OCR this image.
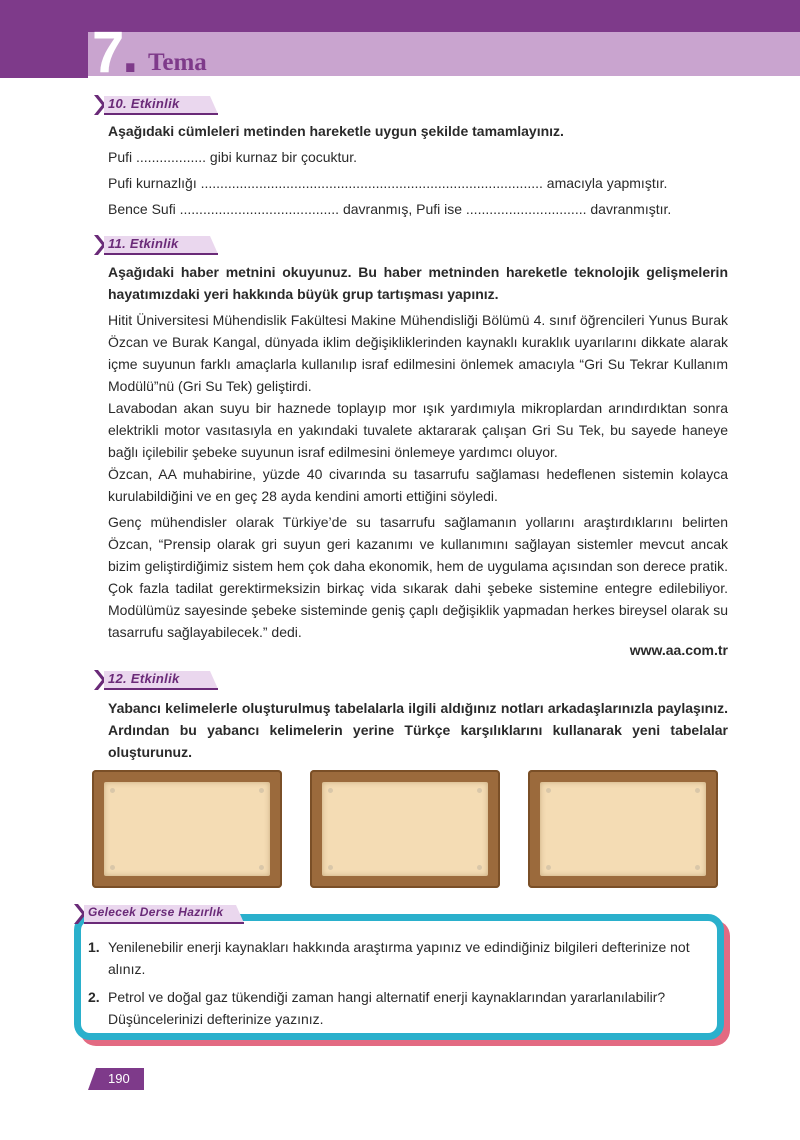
7. Tema
10. Etkinlik

Aşağıdaki cümleleri metinden hareketle uygun şekilde tamamlayınız.

Pufi .................. gibi kurnaz bir çocuktur.

Pufi kurnazlığı ........................................................................................ amacıyla yapmıştır.

Bence Sufi ......................................... davranmış, Pufi ise ............................... davranmıştır.

11. Etkinlik

Aşağıdaki haber metnini okuyunuz. Bu haber metninden hareketle teknolojik gelişmelerin hayatımızdaki yeri hakkında büyük grup tartışması yapınız.

Hitit Üniversitesi Mühendislik Fakültesi Makine Mühendisliği Bölümü 4. sınıf öğrencileri Yunus Burak Özcan ve Burak Kangal, dünyada iklim değişikliklerinden kaynaklı kuraklık uyarılarını dikkate alarak içme suyunun farklı amaçlarla kullanılıp israf edilmesini önlemek amacıyla “Gri Su Tekrar Kullanım Modülü”nü (Gri Su Tek) geliştirdi.

Lavabodan akan suyu bir haznede toplayıp mor ışık yardımıyla mikroplardan arındırdıktan sonra elektrikli motor vasıtasıyla en yakındaki tuvalete aktararak çalışan Gri Su Tek, bu sayede haneye bağlı içilebilir şebeke suyunun israf edilmesini önlemeye yardımcı oluyor.

Özcan, AA muhabirine, yüzde 40 civarında su tasarrufu sağlaması hedeflenen sistemin kolayca kurulabildiğini ve en geç 28 ayda kendini amorti ettiğini söyledi.

Genç mühendisler olarak Türkiye’de su tasarrufu sağlamanın yollarını araştırdıklarını belirten Özcan, “Prensip olarak gri suyun geri kazanımı ve kullanımını sağlayan sistemler mevcut ancak bizim geliştirdiğimiz sistem hem çok daha ekonomik, hem de uygulama açısından son derece pratik. Çok fazla tadilat gerektirmeksizin birkaç vida sıkarak dahi şebeke sistemine entegre edilebiliyor. Modülümüz sayesinde şebeke sisteminde geniş çaplı değişiklik yapmadan herkes bireysel olarak su tasarrufu sağlayabilecek.” dedi.

www.aa.com.tr
12. Etkinlik

Yabancı kelimelerle oluşturulmuş tabelalarla ilgili aldığınız notları arkadaşlarınızla paylaşınız. Ardından bu yabancı kelimelerin yerine Türkçe karşılıklarını kullanarak yeni tabelalar oluşturunuz.

Gelecek Derse Hazırlık
1. Yenilenebilir enerji kaynakları hakkında araştırma yapınız ve edindiğiniz bilgileri defterinize not alınız.
2. Petrol ve doğal gaz tükendiği zaman hangi alternatif enerji kaynaklarından yararlanılabilir? Düşüncelerinizi defterinize yazınız.
190
